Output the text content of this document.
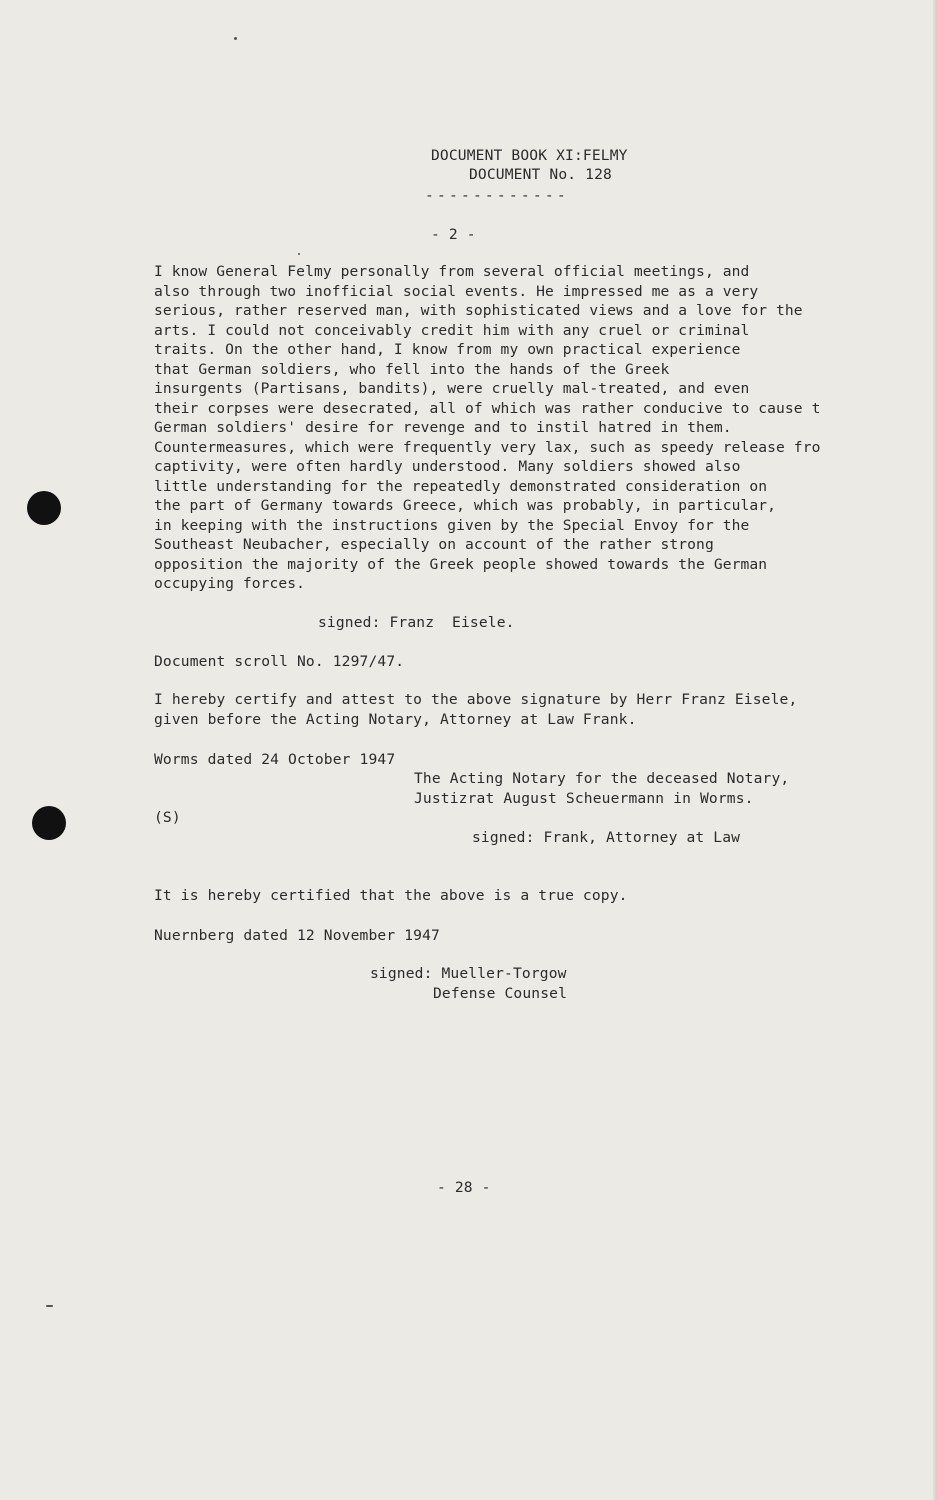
DOCUMENT BOOK XI:FELMY
DOCUMENT No. 128
------------
- 2 -
I know General Felmy personally from several official meetings, and
also through two inofficial social events. He impressed me as a very
serious, rather reserved man, with sophisticated views and a love for the
arts. I could not conceivably credit him with any cruel or criminal
traits. On the other hand, I know from my own practical experience
that German soldiers, who fell into the hands of the Greek
insurgents (Partisans, bandits), were cruelly mal-treated, and even
their corpses were desecrated, all of which was rather conducive to cause t
German soldiers' desire for revenge and to instil hatred in them.
Countermeasures, which were frequently very lax, such as speedy release fro
captivity, were often hardly understood. Many soldiers showed also
little understanding for the repeatedly demonstrated consideration on
the part of Germany towards Greece, which was probably, in particular,
in keeping with the instructions given by the Special Envoy for the
Southeast Neubacher, especially on account of the rather strong
opposition the majority of the Greek people showed towards the German
occupying forces.
signed: Franz  Eisele.
Document scroll No. 1297/47.
I hereby certify and attest to the above signature by Herr Franz Eisele,
given before the Acting Notary, Attorney at Law Frank.
Worms dated 24 October 1947
The Acting Notary for the deceased Notary,
Justizrat August Scheuermann in Worms.
(S)
signed: Frank, Attorney at Law
It is hereby certified that the above is a true copy.
Nuernberg dated 12 November 1947
signed: Mueller-Torgow
Defense Counsel
- 28 -
